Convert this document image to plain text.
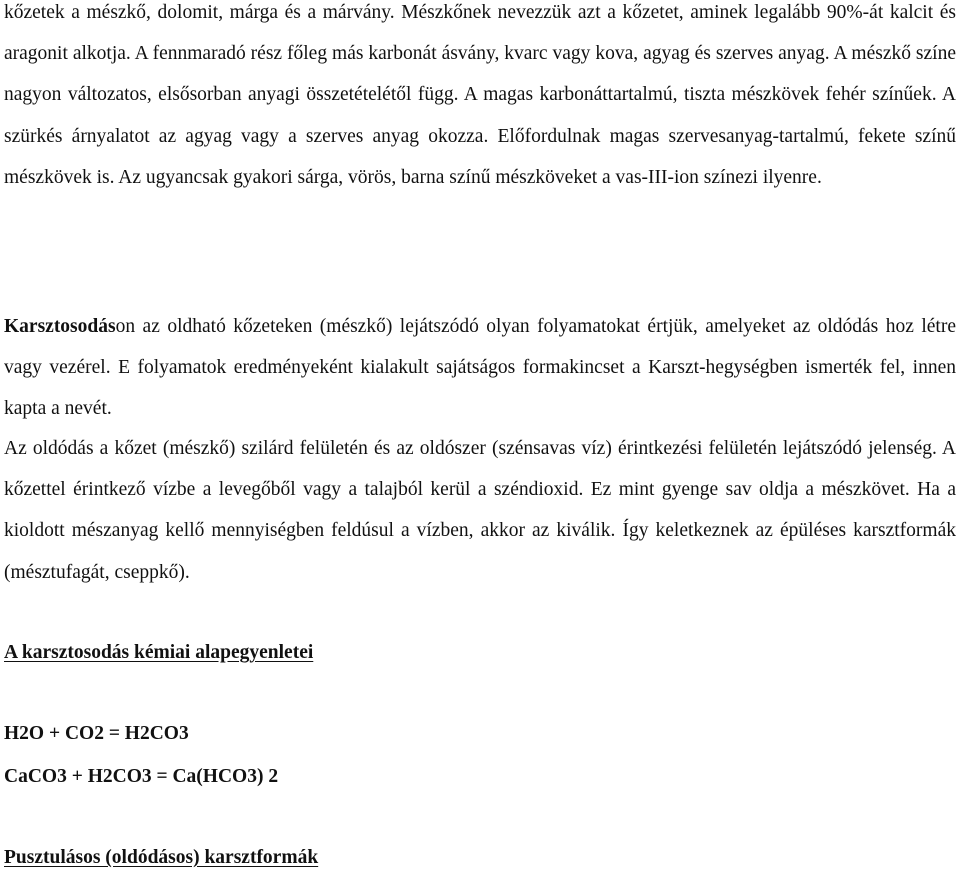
kőzetek a mészkő, dolomit, márga és a márvány. Mészkőnek nevezzük azt a kőzetet, aminek legalább 90%-át kalcit és aragonit alkotja. A fennmaradó rész főleg más karbonát ásvány, kvarc vagy kova, agyag és szerves anyag. A mészkő színe nagyon változatos, elsősorban anyagi összetételétől függ. A magas karbonáttartalmú, tiszta mészkövek fehér színűek. A szürkés árnyalatot az agyag vagy a szerves anyag okozza. Előfordulnak magas szervesanyag-tartalmú, fekete színű mészkövek is. Az ugyancsak gyakori sárga, vörös, barna színű mészköveket a vas-III-ion színezi ilyenre.

Karsztosodáson az oldható kőzeteken (mészkő) lejátszódó olyan folyamatokat értjük, amelyeket az oldódás hoz létre vagy vezérel. E folyamatok eredményeként kialakult sajátságos formakincset a Karszt-hegységben ismerték fel, innen kapta a nevét.

Az oldódás a kőzet (mészkő) szilárd felületén és az oldószer (szénsavas víz) érintkezési felületén lejátszódó jelenség. A kőzettel érintkező vízbe a levegőből vagy a talajból kerül a széndioxid. Ez mint gyenge sav oldja a mészkövet. Ha a kioldott mészanyag kellő mennyiségben feldúsul a vízben, akkor az kiválik. Így keletkeznek az épüléses karsztformák (mésztufagát, cseppkő).

A karsztosodás kémiai alapegyenletei

H2O + CO2 = H2CO3

CaCO3 + H2CO3 = Ca(HCO3) 2

Pusztulásos (oldódásos) karsztformák
